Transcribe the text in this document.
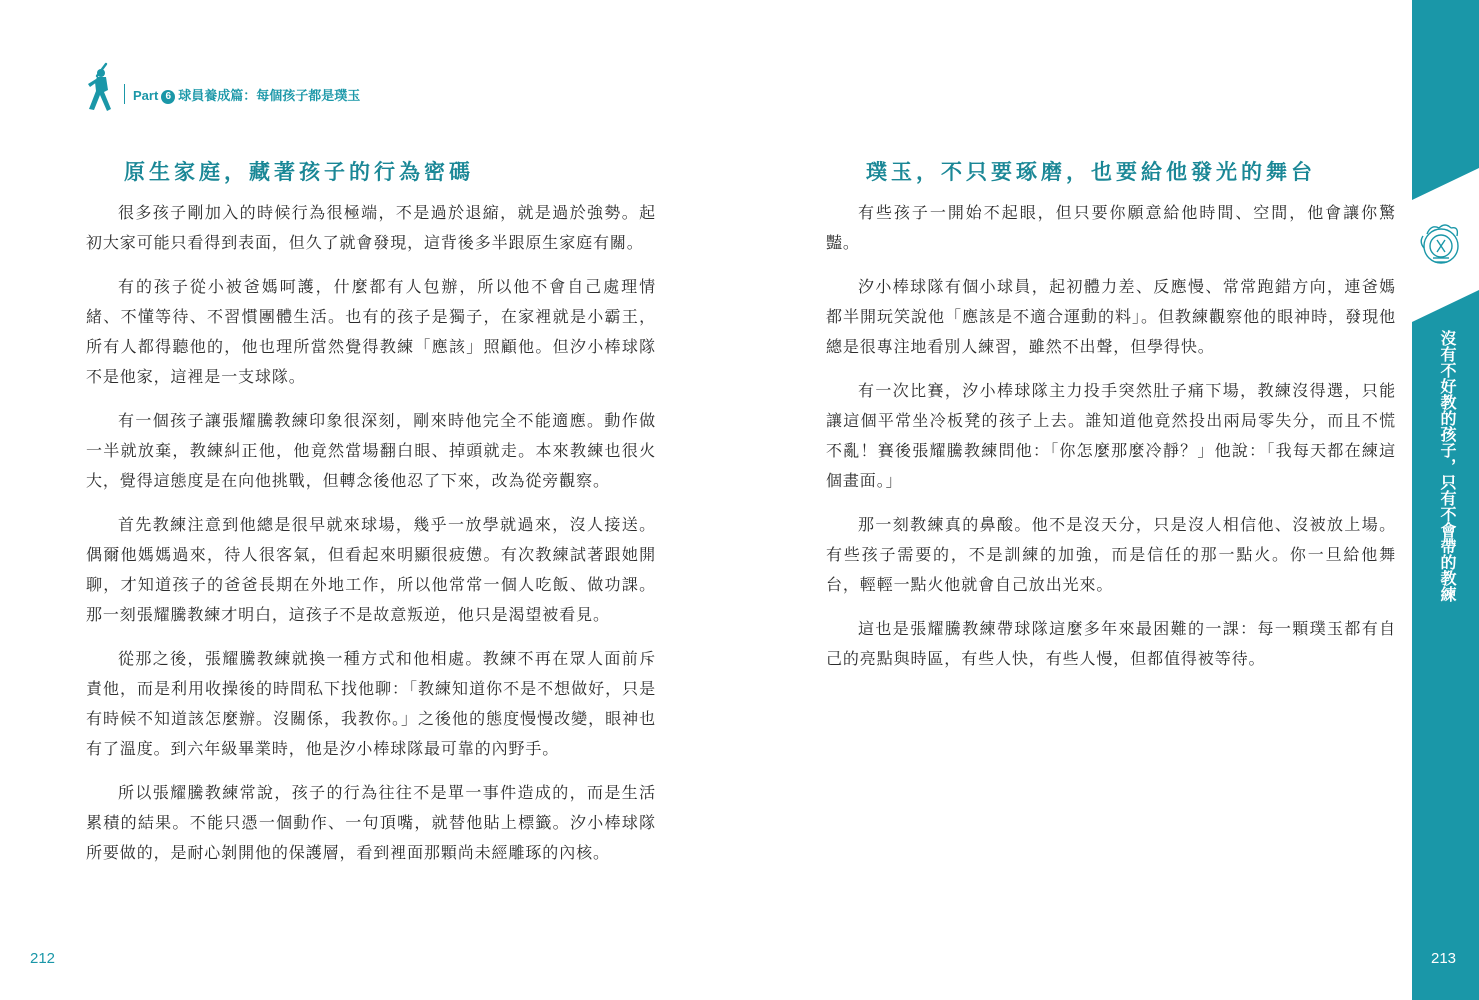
Part 6 球員養成篇：每個孩子都是璞玉
原生家庭，藏著孩子的行為密碼

很多孩子剛加入的時候行為很極端，不是過於退縮，就是過於強勢。起初大家可能只看得到表面，但久了就會發現，這背後多半跟原生家庭有關。

有的孩子從小被爸媽呵護，什麼都有人包辦，所以他不會自己處理情緒、不懂等待、不習慣團體生活。也有的孩子是獨子，在家裡就是小霸王，所有人都得聽他的，他也理所當然覺得教練「應該」照顧他。但汐小棒球隊不是他家，這裡是一支球隊。

有一個孩子讓張耀騰教練印象很深刻，剛來時他完全不能適應。動作做一半就放棄，教練糾正他，他竟然當場翻白眼、掉頭就走。本來教練也很火大，覺得這態度是在向他挑戰，但轉念後他忍了下來，改為從旁觀察。

首先教練注意到他總是很早就來球場，幾乎一放學就過來，沒人接送。偶爾他媽媽過來，待人很客氣，但看起來明顯很疲憊。有次教練試著跟她開聊，才知道孩子的爸爸長期在外地工作，所以他常常一個人吃飯、做功課。那一刻張耀騰教練才明白，這孩子不是故意叛逆，他只是渴望被看見。

從那之後，張耀騰教練就換一種方式和他相處。教練不再在眾人面前斥責他，而是利用收操後的時間私下找他聊：「教練知道你不是不想做好，只是有時候不知道該怎麼辦。沒關係，我教你。」之後他的態度慢慢改變，眼神也有了溫度。到六年級畢業時，他是汐小棒球隊最可靠的內野手。

所以張耀騰教練常說，孩子的行為往往不是單一事件造成的，而是生活累積的結果。不能只憑一個動作、一句頂嘴，就替他貼上標籤。汐小棒球隊所要做的，是耐心剝開他的保護層，看到裡面那顆尚未經雕琢的內核。

璞玉，不只要琢磨，也要給他發光的舞台

有些孩子一開始不起眼，但只要你願意給他時間、空間，他會讓你驚豔。

汐小棒球隊有個小球員，起初體力差、反應慢、常常跑錯方向，連爸媽都半開玩笑說他「應該是不適合運動的料」。但教練觀察他的眼神時，發現他總是很專注地看別人練習，雖然不出聲，但學得快。

有一次比賽，汐小棒球隊主力投手突然肚子痛下場，教練沒得選，只能讓這個平常坐冷板凳的孩子上去。誰知道他竟然投出兩局零失分，而且不慌不亂！賽後張耀騰教練問他：「你怎麼那麼冷靜？」他說：「我每天都在練這個畫面。」

那一刻教練真的鼻酸。他不是沒天分，只是沒人相信他、沒被放上場。有些孩子需要的，不是訓練的加強，而是信任的那一點火。你一旦給他舞台，輕輕一點火他就會自己放出光來。

這也是張耀騰教練帶球隊這麼多年來最困難的一課：每一顆璞玉都有自己的亮點與時區，有些人快，有些人慢，但都值得被等待。

212
沒有不好教的孩子，只有不會帶的教練
213
